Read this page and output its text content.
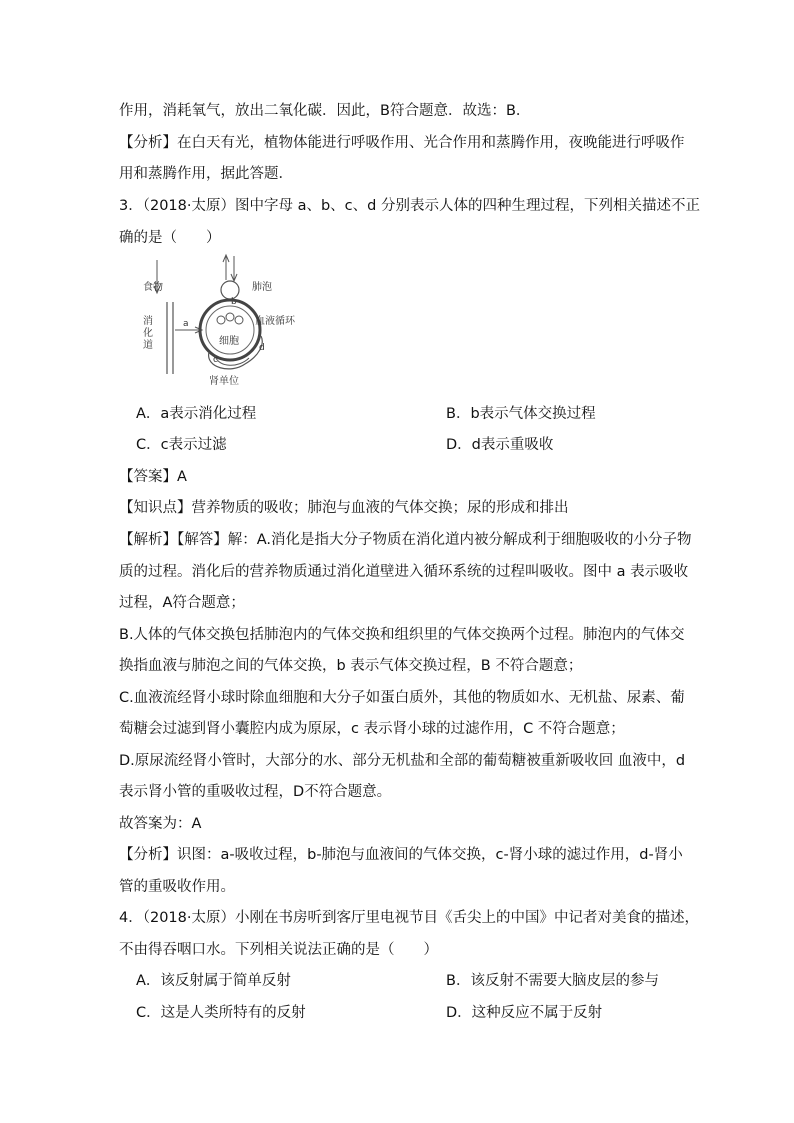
作用，消耗氧气，放出二氧化碳．因此，B符合题意．故选：B．
【分析】在白天有光，植物体能进行呼吸作用、光合作用和蒸腾作用，夜晚能进行呼吸作
用和蒸腾作用，据此答题．
3．（2018·太原）图中字母 a、b、c、d 分别表示人体的四种生理过程，下列相关描述不正
确的是（　　）
食物
消
化
道
a
肺泡
b
血液循环
细胞
c
d
肾单位
A．a表示消化过程	B．b表示气体交换过程
C．c表示过滤	D．d表示重吸收
【答案】A
【知识点】营养物质的吸收；肺泡与血液的气体交换；尿的形成和排出
【解析】【解答】解：A.消化是指大分子物质在消化道内被分解成利于细胞吸收的小分子物
质的过程。消化后的营养物质通过消化道壁进入循环系统的过程叫吸收。图中 a 表示吸收
过程，A符合题意；
B.人体的气体交换包括肺泡内的气体交换和组织里的气体交换两个过程。肺泡内的气体交
换指血液与肺泡之间的气体交换，b 表示气体交换过程，B 不符合题意；
C.血液流经肾小球时除血细胞和大分子如蛋白质外，其他的物质如水、无机盐、尿素、葡
萄糖会过滤到肾小囊腔内成为原尿，c 表示肾小球的过滤作用，C 不符合题意；
D.原尿流经肾小管时，大部分的水、部分无机盐和全部的葡萄糖被重新吸收回 血液中，d
表示肾小管的重吸收过程，D不符合题意。
故答案为：A
【分析】识图：a-吸收过程，b-肺泡与血液间的气体交换，c-肾小球的滤过作用，d-肾小
管的重吸收作用。
4．（2018·太原）小刚在书房听到客厅里电视节目《舌尖上的中国》中记者对美食的描述，
不由得吞咽口水。下列相关说法正确的是（　　）
A．该反射属于简单反射	B．该反射不需要大脑皮层的参与
C．这是人类所特有的反射	D．这种反应不属于反射
